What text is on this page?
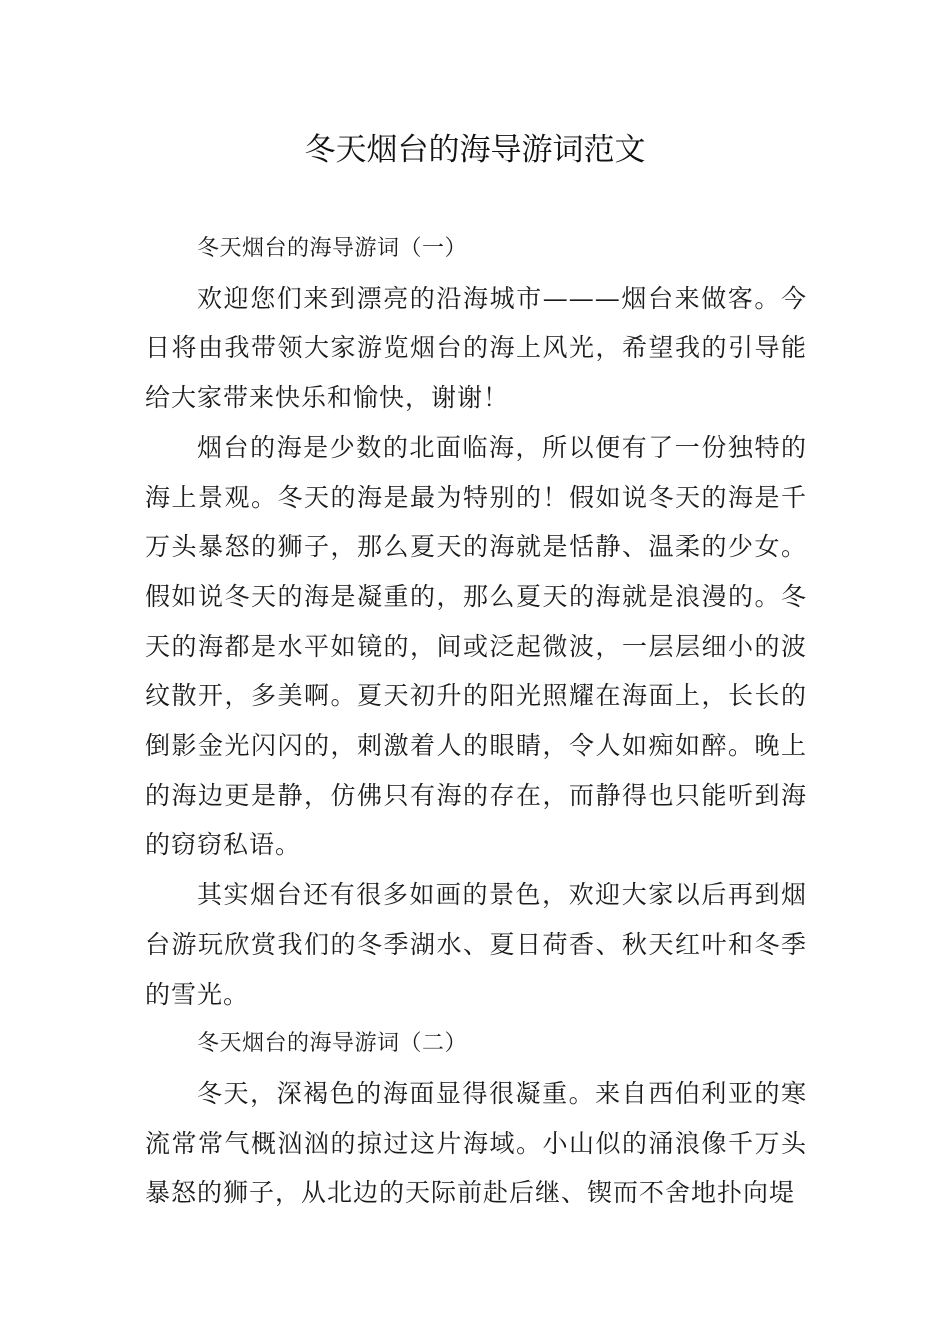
冬天烟台的海导游词范文

冬天烟台的海导游词（一）

欢迎您们来到漂亮的沿海城市———烟台来做客。今日将由我带领大家游览烟台的海上风光，希望我的引导能给大家带来快乐和愉快，谢谢！

烟台的海是少数的北面临海，所以便有了一份独特的海上景观。冬天的海是最为特别的！假如说冬天的海是千万头暴怒的狮子，那么夏天的海就是恬静、温柔的少女。假如说冬天的海是凝重的，那么夏天的海就是浪漫的。冬天的海都是水平如镜的，间或泛起微波，一层层细小的波纹散开，多美啊。夏天初升的阳光照耀在海面上，长长的倒影金光闪闪的，刺激着人的眼睛，令人如痴如醉。晚上的海边更是静，仿佛只有海的存在，而静得也只能听到海的窃窃私语。

其实烟台还有很多如画的景色，欢迎大家以后再到烟台游玩欣赏我们的冬季湖水、夏日荷香、秋天红叶和冬季的雪光。

冬天烟台的海导游词（二）

冬天，深褐色的海面显得很凝重。来自西伯利亚的寒流常常气概汹汹的掠过这片海域。小山似的涌浪像千万头暴怒的狮子，从北边的天际前赴后继、锲而不舍地扑向堤
